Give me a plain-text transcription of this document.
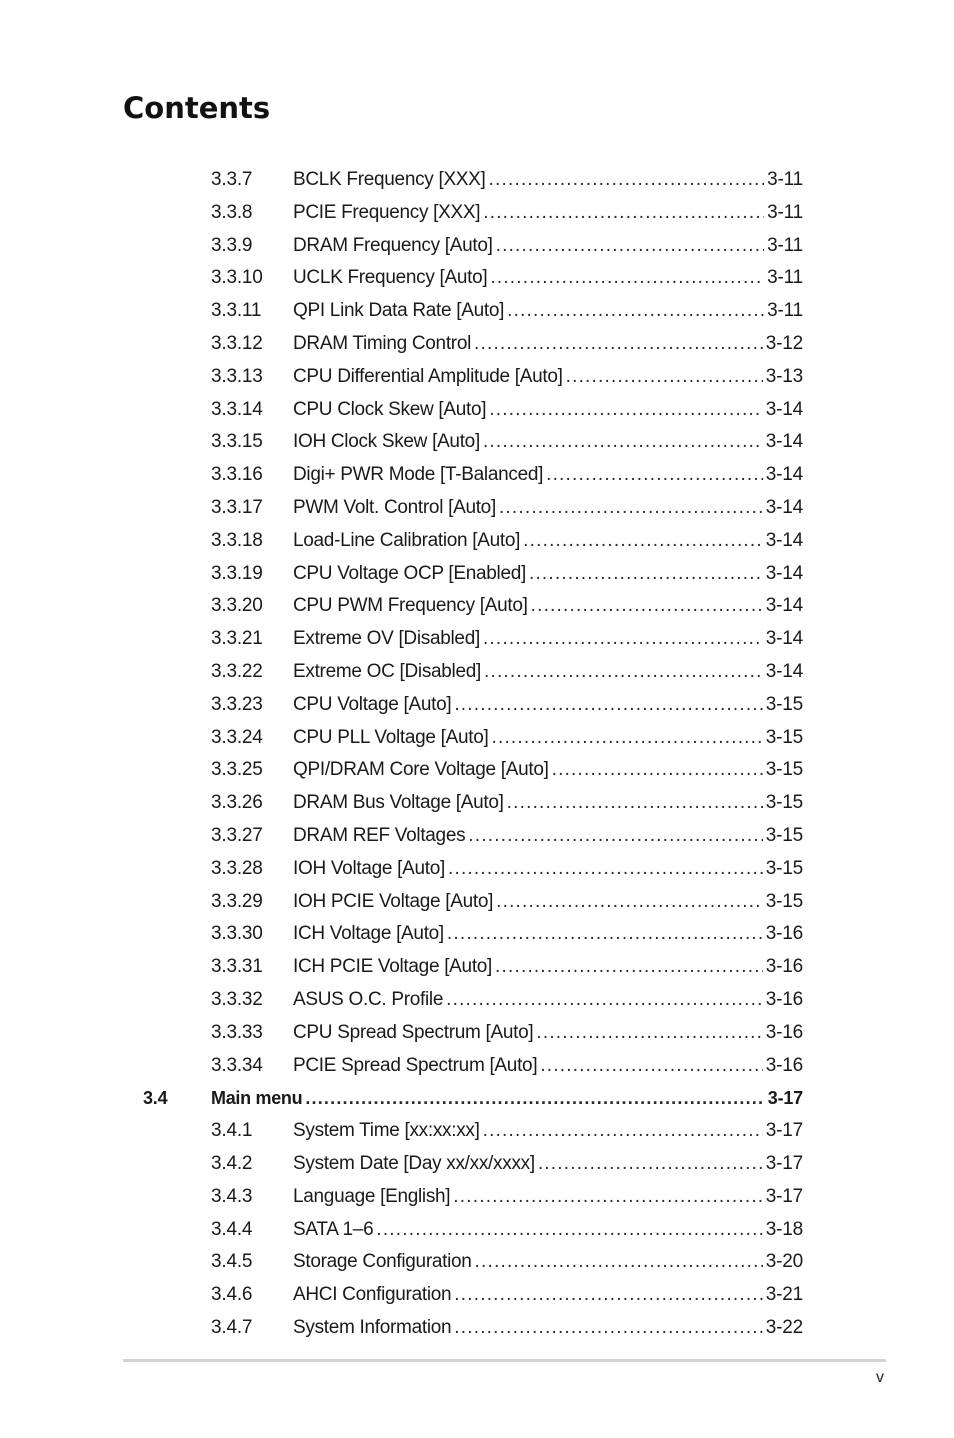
Contents
3.3.7 BCLK Frequency [XXX] .....	3-11
3.3.8 PCIE Frequency [XXX] .....	3-11
3.3.9 DRAM Frequency [Auto] .....	3-11
3.3.10 UCLK Frequency [Auto] .....	3-11
3.3.11 QPI Link Data Rate [Auto] .....	3-11
3.3.12 DRAM Timing Control .....	3-12
3.3.13 CPU Differential Amplitude [Auto] .....	3-13
3.3.14 CPU Clock Skew [Auto] .....	3-14
3.3.15 IOH Clock Skew [Auto] .....	3-14
3.3.16 Digi+ PWR Mode [T-Balanced] .....	3-14
3.3.17 PWM Volt. Control [Auto] .....	3-14
3.3.18 Load-Line Calibration [Auto] .....	3-14
3.3.19 CPU Voltage OCP [Enabled] .....	3-14
3.3.20 CPU PWM Frequency [Auto] .....	3-14
3.3.21 Extreme OV [Disabled] .....	3-14
3.3.22 Extreme OC [Disabled] .....	3-14
3.3.23 CPU Voltage [Auto] .....	3-15
3.3.24 CPU PLL Voltage [Auto] .....	3-15
3.3.25 QPI/DRAM Core Voltage [Auto] .....	3-15
3.3.26 DRAM Bus Voltage [Auto] .....	3-15
3.3.27 DRAM REF Voltages .....	3-15
3.3.28 IOH Voltage [Auto] .....	3-15
3.3.29 IOH PCIE Voltage [Auto] .....	3-15
3.3.30 ICH Voltage [Auto] .....	3-16
3.3.31 ICH PCIE Voltage [Auto] .....	3-16
3.3.32 ASUS O.C. Profile .....	3-16
3.3.33 CPU Spread Spectrum [Auto] .....	3-16
3.3.34 PCIE Spread Spectrum [Auto] .....	3-16
3.4 Main menu .....	3-17
3.4.1 System Time [xx:xx:xx] .....	3-17
3.4.2 System Date [Day xx/xx/xxxx] .....	3-17
3.4.3 Language [English] .....	3-17
3.4.4 SATA 1–6 .....	3-18
3.4.5 Storage Configuration .....	3-20
3.4.6 AHCI Configuration .....	3-21
3.4.7 System Information .....	3-22
v
